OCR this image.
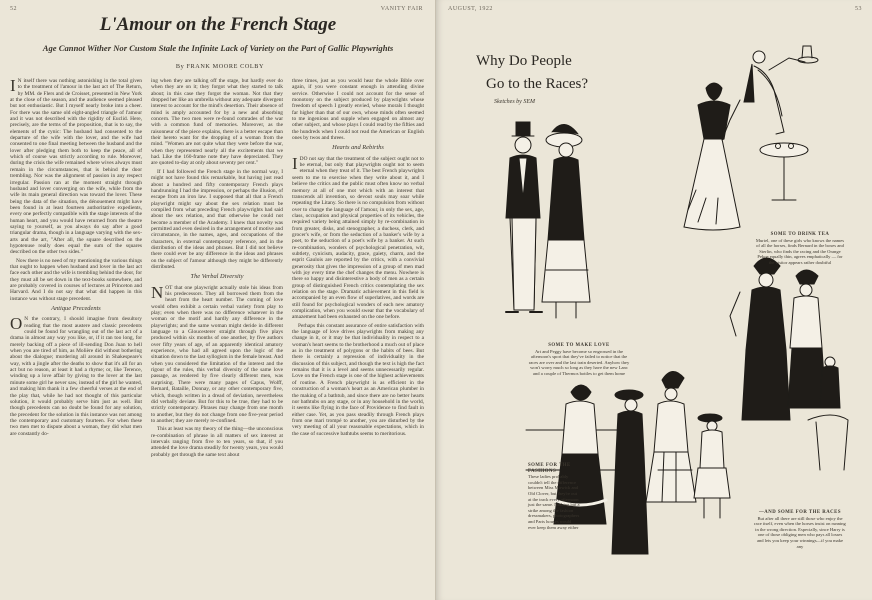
52	VANITY FAIR
L'Amour on the French Stage
Age Cannot Wither Nor Custom Stale the Infinite Lack of Variety on the Part of Gallic Playwrights
By FRANK MOORE COLBY

I N itself there was nothing astonishing in the total given to the treatment of l'amour in the last act of The Return, by MM. de Flers and de Croisset, presented in New York at the close of the season, and the audience seemed pleased but not enthusiastic. But I myself nearly broke into a cheer. For there was the same old eight-angled triangle of l'amour and it was not described with the rigidity of Euclid. Here, precisely, are the terms of the proposition, that is to say, the elements of the cynic: The husband had consented to the departure of the wife with the lover, and the wife had consented to one final meeting between the husband and the lover after pledging them both to keep the peace, all of which of course was strictly according to rule. Moreover, during the crisis the wife remained where wives always must remain in the circumstances, that is behind the door trembling. Nor was the alignment of passion in any respect irregular. Passion ran at the moment straight through husband and lover converging on the wife, while from the wife its main general direction was toward the lover. These being the data of the situation, the dénouement might have been found in at least fourteen authoritative expedients, every one perfectly compatible with the stage interests of the human heart, and you would have returned from the theatre saying to yourself, as you always do say after a good triangular drama, though in a language varying with the sex-arts and the art, "After all, the square described on the hypotenuse really does equal the sum of the squares described on the other two sides."

Now there is no need of my mentioning the various things that ought to happen when husband and lover in the last act face each other and the wife is trembling behind the door, for they must all be set down in the text-books somewhere, and are probably covered in courses of lectures at Princeton and Harvard. And I do not say that what did happen in this instance was without stage precedent.

Antique Precedents

O N the contrary, I should imagine from desultory reading that the most austere and classic precedents could be found for wrangling out of the last act of a drama in almost any way you like, or, if it ran too long, for merely backing off a piece of ill-sending Don Juan to hell when you are tired of him, as Molière did without bothering about the dialogue; murdering all around in Shakespeare's way, with a jingle after the deaths to show that it's all for an act but no reason, at least it had a rhyme; or, like Terence, winding up a love affair by giving to the lover at the last minute some girl he never saw, instead of the girl he wanted, and making him thank it a few cheerful verses at the end of the play that, while he had not thought of this particular solution, it would probably serve him just as well. But though precedents can no doubt be found for any solution, the precedent for the solution in this instance was not among the contemporary and customary fourteen. For when these two men met to dispute about a woman, they did what men are constantly do-

ing when they are talking off the stage, but hardly ever do when they are on it; they forgot what they started to talk about; in this case they forgot the woman. Not that they dropped her like an umbrella without any adequate divergent interest to account for the mind's desertion. Their absence of mind is amply accounted for by a new and absorbing concern. The two men were re-found comrades of the war with a common fund of memories. Moreover, as the raisonneur of the piece explains, there is a better escape than their hereto want for the dropping of a woman from the mind. "Women are not quite what they were before the war, when they represented nearly all the excitements that we had. Like the 160-frame note they have depreciated. They are quoted to-day at only about seventy per cent."

If I had followed the French stage in the normal way, I might not have found this remarkable, but having just read about a hundred and fifty contemporary French plays handrunning I had the impression, or perhaps the illusion, of escape from an iron law. I supposed that all that a French playwright might say about the sex relation must be compiled from what preceding French playwrights had said about the sex relation, and that otherwise he could not become a member of the Academy. I knew that novelty was permitted and even desired in the arrangement of motive and circumstance, in the names, ages, and occupations of the characters, in external contemporary reference, and in the distribution of the ideas and phrases. But I did not believe there could ever be any difference in the ideas and phrases on the subject of l'amour although they might be differently distributed.

The Verbal Diversity

NOT that one playwright actually stole his ideas from his predecessors. They all borrowed them from the heart from the heart number. The coming of love would often exhibit a certain verbal variety from play to play; even when there was no difference whatever in the woman or the motif and hardly any difference in the playwrights; and the same woman might deride in different language to a Gloucesterer straight through five plays produced within six months of one another, by five authors over fifty years of age, of an apparently identical amatory experience, who had all agreed upon the logic of the situation down to the last syllogism in the female breast. And when you considered the limitation of the interest and the rigour of the rules, this verbal diversity of the same love passage, as rendered by five clearly different men, was surprising. There were many pages of Capus, Wolff, Bernard, Bataille, Donnay, or any other contemporary five, which, though written in a dread of deviation, nevertheless did verbally deviate. But for this to be true, they had to be strictly contemporary. Phrases may change from one month to another, but they do not change from one five-year period to another; they are merely re-confined.

This at least was my theory of the thing—the unconscious re-combination of phrase in all matters of sex interest at intervals ranging from five to ten years, so that, if you attended the love drama steadily for twenty years, you would probably get through the same text about

three times, just as you would hear the whole Bible over again, if you were constant enough in attending divine service. Otherwise I could not account for the sense of monotony on the subject produced by playwrights whose freedom of speech I greatly envied, whose morals I thought far higher than that of our own, whose minds often seemed to me ingenious and supple when engaged on almost any other subject, and whose plays I could read by the fifties and the hundreds when I could not read the American or English ones by twos and threes.

Hearts and Rebirths

IDO not say that the treatment of the subject ought not to be eternal, but only that playwrights ought not to seem eternal when they treat of it. The best French playwrights seem to me to exercise when they write about it, and I believe the critics and the public must often know no verbal memory at all of one mot which with an interest that transcends all invention, so devout souls may soar while repeating the Litany. So there is no compulsion from without over to change the language of l'amour, in only the sex, age, class, occupation and physical properties of its vehicles, the required variety being attained simply by re-combination in from greater, disks, and stenographer, a duchess, clerk, and grocer's wife, or from the seduction of a banker's wife by a poet, to the seduction of a poet's wife by a banker. At such re-combination, wonders of psychological penetration, wit, subtlety, cynicism, audacity, grace, gaiety, charm, and the esprit Gaulois are reported by the critics, with a convivial generosity that gives the impression of a group of men mad with joy every time the chef changes the menu. Nowhere is there so happy and disinterestive a body of men as a certain group of distinguished French critics contemplating the sex relation on the stage. Dramatic achievement in this field is accompanied by an even flow of superlatives, and words are still found for psychological wonders of each new amatory complication, when you would swear that the vocabulary of amazement had been exhausted on the one before.

Perhaps this constant assurance of entire satisfaction with the language of love drives playwrights from making any change in it, or it may be that individuality in respect to a woman's heart seems to the brotherhood a much out of place as in the treatment of polygons or the habits of bees. But there is certainly a repression of individuality in the discussion of this subject, and though the text is high the fact remains that it is a level and seems unnecessarily regular. Love on the French stage is one of the highest achievements of routine. A French playwright is as efficient in the construction of a woman's heart as an American plumber in the making of a bathtub, and since there are no better hearts nor bathtubs on any stage, or in any household in the world, it seems like flying in the face of Providence to find fault in either case. Yet, as you pass steadily through French plays from one mari trompé to another, you are disturbed by the very meeting of all your reasonable expectations, which in the case of successive bathtubs seems to meritorious.

AUGUST, 1922	53
Why Do People
Go to the Races?
Sketches by SEM
SOME TO MAKE LOVE
Art and Peggy have become so engrossed in the afternoon's sport that they've failed to notice that the races are over and the last train deserted. Anyhow they won't worry much so long as they have the new Lanc and a couple of Thermos bottles to get them home
SOME TO DRINK TEA
Muriel, one of these girls who knows the names of all the horses, finds Bernard in the boxes and Sterlin, who finds the racing and the Orange Pekoe equally thin, agrees emphatically — for the visitor appears rather doubtful
SOME FOR THE FASHIONS
These ladies probably couldn't tell the difference between Miss Mirwick and Old Clover, but they're out at the track every afternoon just the same. Nothing but a strike among the fashion dressmakers, photographers and Paris houses would ever keep them away either
—AND SOME FOR THE RACES
But after all there are still those who enjoy the race itself, even when the horses insist on running in the wrong direction. Especially, since Harry is one of those obliging men who pays all losses and lets you keep your winnings—if you make any
